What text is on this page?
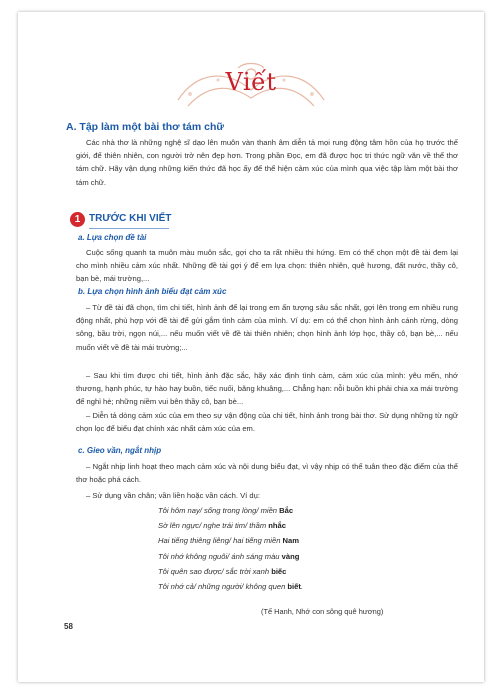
Viết
A. Tập làm một bài thơ tám chữ
Các nhà thơ là những nghệ sĩ dạo lên muôn vàn thanh âm diễn tả mọi rung động tâm hồn của họ trước thế giới, để thiên nhiên, con người trở nên đẹp hơn. Trong phần Đọc, em đã được học tri thức ngữ văn về thể thơ tám chữ. Hãy vận dụng những kiến thức đã học ấy để thể hiện cảm xúc của mình qua việc tập làm một bài thơ tám chữ.
1 TRƯỚC KHI VIẾT
a. Lựa chọn đề tài
Cuộc sống quanh ta muôn màu muôn sắc, gợi cho ta rất nhiều thi hứng. Em có thể chọn một đề tài đem lại cho mình nhiều cảm xúc nhất. Những đề tài gợi ý để em lựa chọn: thiên nhiên, quê hương, đất nước, thầy cô, bạn bè, mái trường,...
b. Lựa chọn hình ảnh biểu đạt cảm xúc
– Từ đề tài đã chọn, tìm chi tiết, hình ảnh để lại trong em ấn tượng sâu sắc nhất, gợi lên trong em nhiều rung động nhất, phù hợp với đề tài để gửi gắm tình cảm của mình. Ví dụ: em có thể chọn hình ảnh cánh rừng, dòng sông, bầu trời, ngọn núi,... nếu muốn viết về đề tài thiên nhiên; chọn hình ảnh lớp học, thầy cô, bạn bè,... nếu muốn viết về đề tài mái trường;...
– Sau khi tìm được chi tiết, hình ảnh đặc sắc, hãy xác định tình cảm, cảm xúc của mình: yêu mến, nhớ thương, hạnh phúc, tự hào hay buồn, tiếc nuối, băng khuâng,... Chẳng hạn: nỗi buồn khi phải chia xa mái trường để nghỉ hè; những niềm vui bên thầy cô, bạn bè...
– Diễn tả dòng cảm xúc của em theo sự vận động của chi tiết, hình ảnh trong bài thơ. Sử dụng những từ ngữ chọn lọc để biểu đạt chính xác nhất cảm xúc của em.
c. Gieo vần, ngắt nhịp
– Ngắt nhịp linh hoạt theo mạch cảm xúc và nội dung biểu đạt, vì vậy nhịp có thể tuân theo đặc điểm của thể thơ hoặc phá cách.
– Sử dụng vần chân; vần liền hoặc vần cách. Ví dụ:
Tôi hôm nay/ sống trong lòng/ miền Bắc
Sờ lên ngực/ nghe trái tim/ thầm nhắc
Hai tiếng thiêng liêng/ hai tiếng miền Nam
Tôi nhớ không nguôi/ ánh sáng màu vàng
Tôi quên sao được/ sắc trời xanh biếc
Tôi nhớ cả/ những người/ không quen biết.
(Tế Hanh, Nhớ con sông quê hương)
58
